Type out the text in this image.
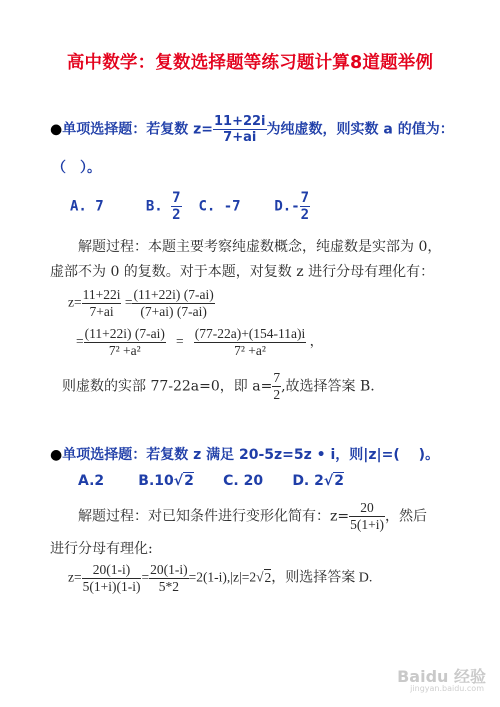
高中数学：复数选择题等练习题计算8道题举例
●单项选择题：若复数 $z= \frac{11+22i}{7+ai}$ 为纯虚数，则实数 a 的值为：
（　）。
A. 7	B. $\frac{7}{2} C$. -7 $D.- \frac{7}{2}$
解题过程：本题主要考察纯虚数概念，纯虚数是实部为 0，
虚部不为 0 的复数。对于本题，对复数 z 进行分母有理化有：
$z= \frac{11+22i}{7+ai} = \frac{(11+22i) (7-ai)}{(7+ai) (7-ai)}$
= $\frac{(11+22i) (7-ai)}{\text{7² +a²}} = \frac{(77-22a)+(154-11a)i}{\text{7² +a²}}$ ，
则虚数的实部 77-22a=0，即 $a= \frac{7}{2}$ ,故选择答案 B.
●单项选择题：若复数 z 满足 20-5z=5z • i，则|z|=(　 )。
A.2 B.10√2 C. 20 D. 2√2
解题过程：对已知条件进行变形化简有：$z= \frac{20}{5(1+i)}$ ，然后
进行分母有理化:
$z= \frac{20(1-i)}{5(1+i)(1-i)} = \frac{20(1-i)}{5*2} =2(1-i),|z|=2√2$，则选择答案 D.
Baidu 经验
jingyan.baidu.com
